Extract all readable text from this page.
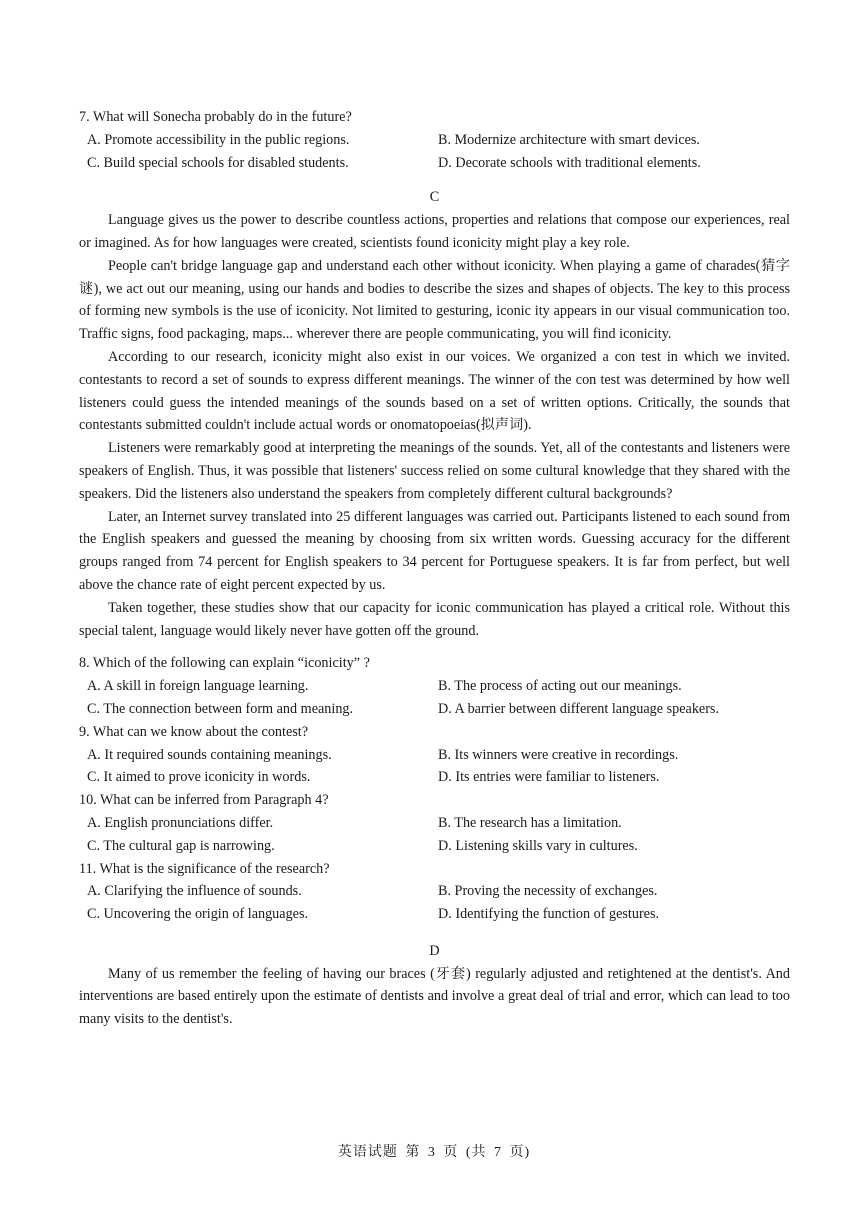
7. What will Sonecha probably do in the future?

A. Promote accessibility in the public regions.	B. Modernize architecture with smart devices.
C. Build special schools for disabled students.	D. Decorate schools with traditional elements.

C

Language gives us the power to describe countless actions, properties and relations that compose our experiences, real or imagined. As for how languages were created, scientists found iconicity might play a key role.

People can't bridge language gap and understand each other without iconicity. When playing a game of charades(猜字谜), we act out our meaning, using our hands and bodies to describe the sizes and shapes of objects. The key to this process of forming new symbols is the use of iconicity. Not limited to gesturing, iconic ity appears in our visual communication too. Traffic signs, food packaging, maps... wherever there are people communicating, you will find iconicity.

According to our research, iconicity might also exist in our voices. We organized a con test in which we invited. contestants to record a set of sounds to express different meanings. The winner of the con test was determined by how well listeners could guess the intended meanings of the sounds based on a set of written options. Critically, the sounds that contestants submitted couldn't include actual words or onomatopoeias(拟声词).

Listeners were remarkably good at interpreting the meanings of the sounds. Yet, all of the contestants and listeners were speakers of English. Thus, it was possible that listeners' success relied on some cultural knowledge that they shared with the speakers. Did the listeners also understand the speakers from completely different cultural backgrounds?

Later, an Internet survey translated into 25 different languages was carried out. Participants listened to each sound from the English speakers and guessed the meaning by choosing from six written words. Guessing accuracy for the different groups ranged from 74 percent for English speakers to 34 percent for Portuguese speakers. It is far from perfect, but well above the chance rate of eight percent expected by us.

Taken together, these studies show that our capacity for iconic communication has played a critical role. Without this special talent, language would likely never have gotten off the ground.

8. Which of the following can explain “iconicity” ?

A. A skill in foreign language learning.	B. The process of acting out our meanings.
C. The connection between form and meaning.	D. A barrier between different language speakers.

9. What can we know about the contest?

A. It required sounds containing meanings.	B. Its winners were creative in recordings.
C. It aimed to prove iconicity in words.	D. Its entries were familiar to listeners.

10. What can be inferred from Paragraph 4?

A. English pronunciations differ.	B. The research has a limitation.
C. The cultural gap is narrowing.	D. Listening skills vary in cultures.

11. What is the significance of the research?

A. Clarifying the influence of sounds.	B. Proving the necessity of exchanges.
C. Uncovering the origin of languages.	D. Identifying the function of gestures.

D

Many of us remember the feeling of having our braces (牙套) regularly adjusted and retightened at the dentist's. And interventions are based entirely upon the estimate of dentists and involve a great deal of trial and error, which can lead to too many visits to the dentist's.

英语试题 第 3 页 (共 7 页)
